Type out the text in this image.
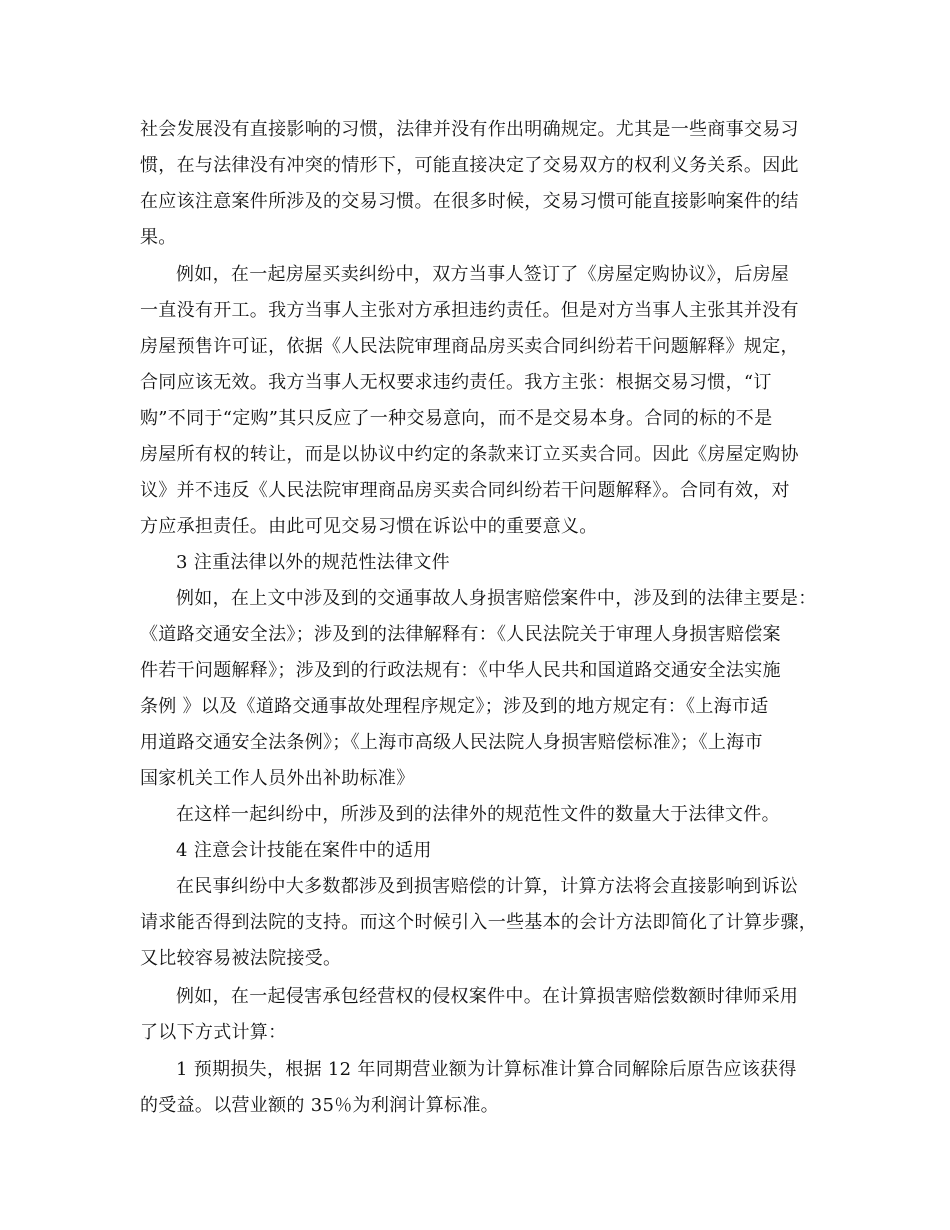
社会发展没有直接影响的习惯，法律并没有作出明确规定。尤其是一些商事交易习
惯，在与法律没有冲突的情形下，可能直接决定了交易双方的权利义务关系。因此
在应该注意案件所涉及的交易习惯。在很多时候，交易习惯可能直接影响案件的结
果。
例如，在一起房屋买卖纠纷中，双方当事人签订了《房屋定购协议》，后房屋
一直没有开工。我方当事人主张对方承担违约责任。但是对方当事人主张其并没有
房屋预售许可证，依据《人民法院审理商品房买卖合同纠纷若干问题解释》规定，
合同应该无效。我方当事人无权要求违约责任。我方主张：根据交易习惯，“订
购”不同于“定购”其只反应了一种交易意向，而不是交易本身。合同的标的不是
房屋所有权的转让，而是以协议中约定的条款来订立买卖合同。因此《房屋定购协
议》并不违反《人民法院审理商品房买卖合同纠纷若干问题解释》。合同有效，对
方应承担责任。由此可见交易习惯在诉讼中的重要意义。
3 注重法律以外的规范性法律文件
例如，在上文中涉及到的交通事故人身损害赔偿案件中，涉及到的法律主要是：
《道路交通安全法》；涉及到的法律解释有：《人民法院关于审理人身损害赔偿案
件若干问题解释》；涉及到的行政法规有：《中华人民共和国道路交通安全法实施
条例 》以及《道路交通事故处理程序规定》；涉及到的地方规定有：《上海市适
用道路交通安全法条例》；《上海市高级人民法院人身损害赔偿标准》；《上海市
国家机关工作人员外出补助标准》
在这样一起纠纷中，所涉及到的法律外的规范性文件的数量大于法律文件。
4 注意会计技能在案件中的适用
在民事纠纷中大多数都涉及到损害赔偿的计算，计算方法将会直接影响到诉讼
请求能否得到法院的支持。而这个时候引入一些基本的会计方法即简化了计算步骤，
又比较容易被法院接受。
例如，在一起侵害承包经营权的侵权案件中。在计算损害赔偿数额时律师采用
了以下方式计算：
1 预期损失，根据 12 年同期营业额为计算标准计算合同解除后原告应该获得
的受益。以营业额的 35％为利润计算标准。
